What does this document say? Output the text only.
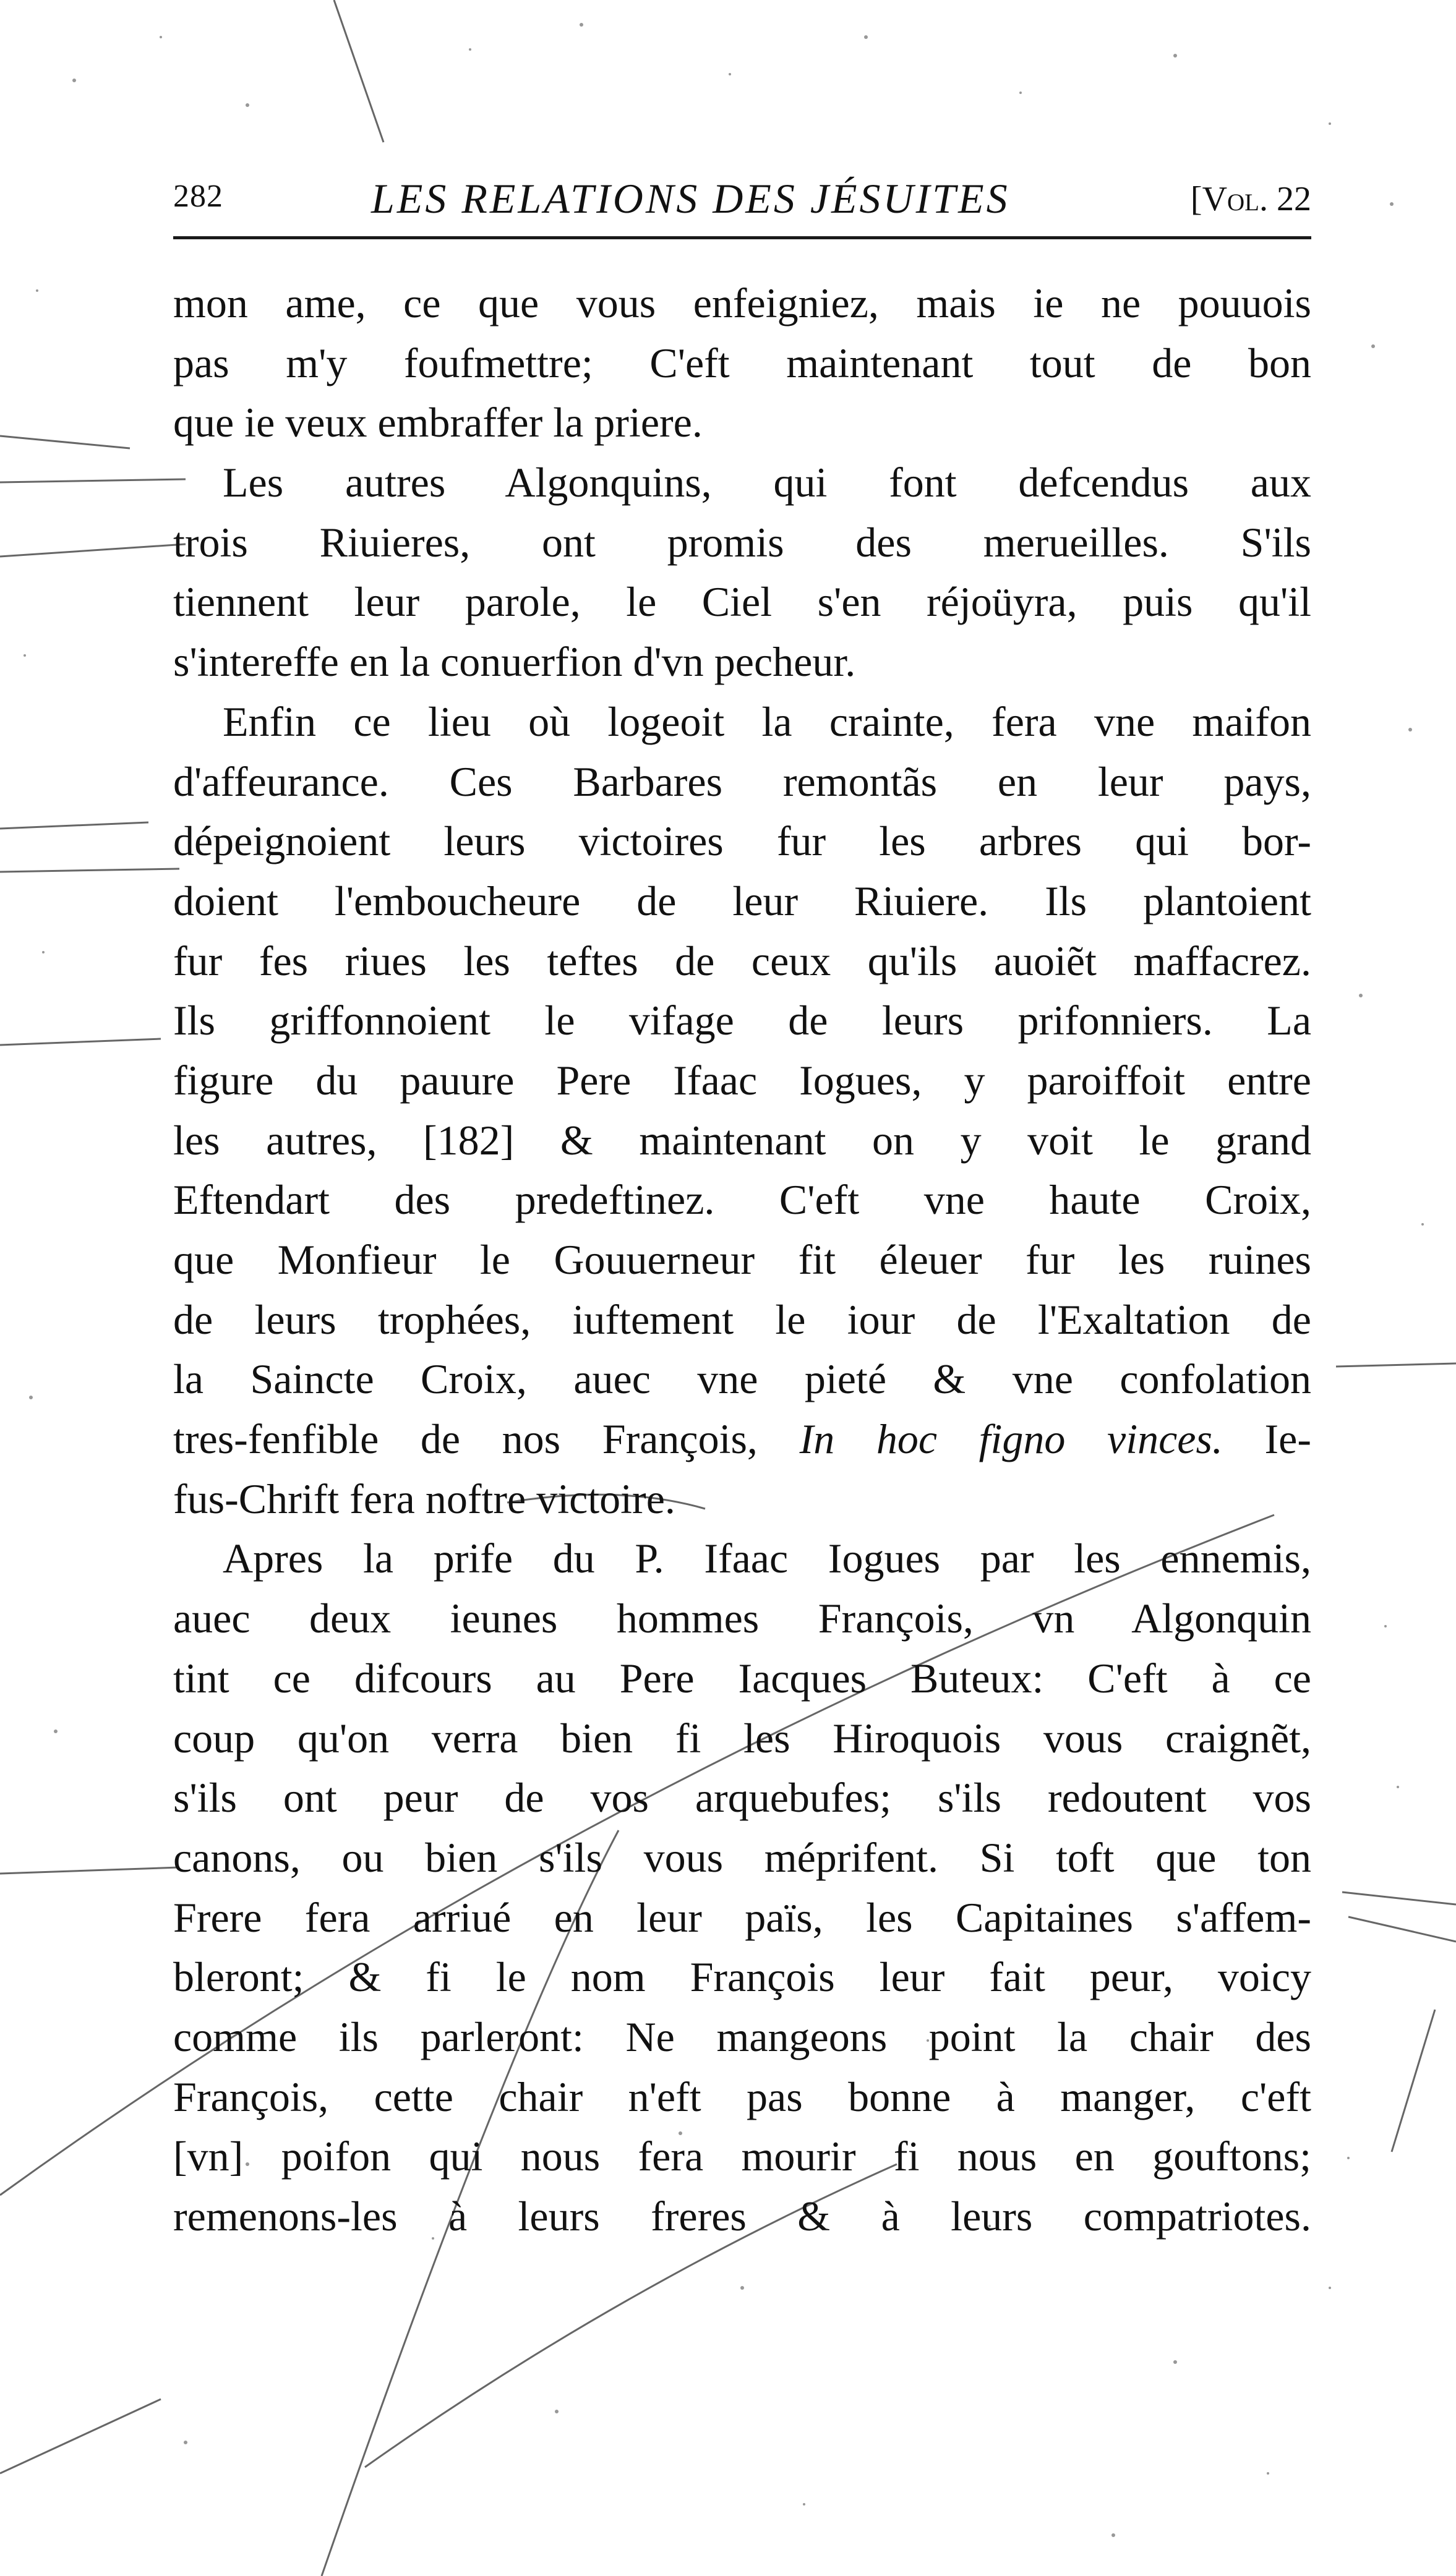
282	LES RELATIONS DES JÉSUITES	[Vol. 22
mon ame, ce que vous enfeigniez, mais ie ne pouuois
pas m'y foufmettre; C'eft maintenant tout de bon
que ie veux embraffer la priere.
Les autres Algonquins, qui font defcendus aux
trois Riuieres, ont promis des merueilles. S'ils
tiennent leur parole, le Ciel s'en réjoüyra, puis qu'il
s'intereffe en la conuerfion d'vn pecheur.
Enfin ce lieu où logeoit la crainte, fera vne maifon
d'affeurance. Ces Barbares remontãs en leur pays,
dépeignoient leurs victoires fur les arbres qui bor-
doient l'emboucheure de leur Riuiere. Ils plantoient
fur fes riues les teftes de ceux qu'ils auoiẽt maffacrez.
Ils griffonnoient le vifage de leurs prifonniers. La
figure du pauure Pere Ifaac Iogues, y paroiffoit entre
les autres, [182] & maintenant on y voit le grand
Eftendart des predeftinez. C'eft vne haute Croix,
que Monfieur le Gouuerneur fit éleuer fur les ruines
de leurs trophées, iuftement le iour de l'Exaltation de
la Saincte Croix, auec vne pieté & vne confolation
tres-fenfible de nos François, In hoc figno vinces. Ie-
fus-Chrift fera noftre victoire.
Apres la prife du P. Ifaac Iogues par les ennemis,
auec deux ieunes hommes François, vn Algonquin
tint ce difcours au Pere Iacques Buteux: C'eft à ce
coup qu'on verra bien fi les Hiroquois vous craignẽt,
s'ils ont peur de vos arquebufes; s'ils redoutent vos
canons, ou bien s'ils vous méprifent. Si toft que ton
Frere fera arriué en leur païs, les Capitaines s'affem-
bleront; & fi le nom François leur fait peur, voicy
comme ils parleront: Ne mangeons point la chair des
François, cette chair n'eft pas bonne à manger, c'eft
[vn] poifon qui nous fera mourir fi nous en gouftons;
remenons-les à leurs freres & à leurs compatriotes.
